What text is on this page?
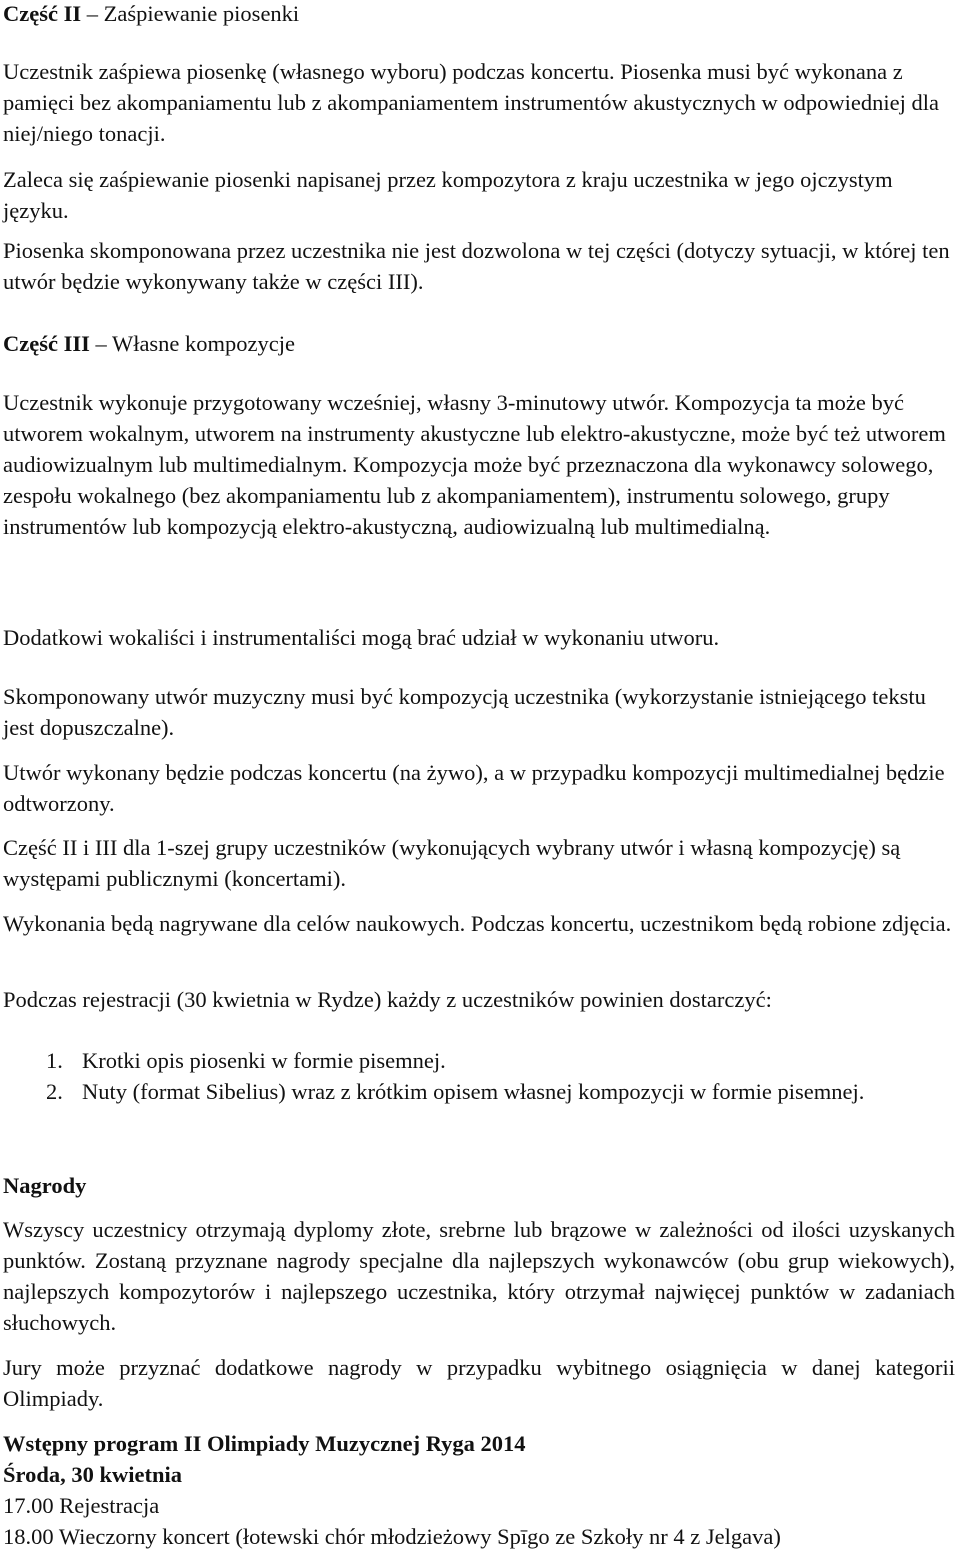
Część II – Zaśpiewanie piosenki

Uczestnik zaśpiewa piosenkę (własnego wyboru) podczas koncertu. Piosenka musi być wykonana z pamięci bez akompaniamentu lub z akompaniamentem instrumentów akustycznych w odpowiedniej dla niej/niego tonacji.

Zaleca się zaśpiewanie piosenki napisanej przez kompozytora z kraju uczestnika w jego ojczystym języku.

Piosenka skomponowana przez uczestnika nie jest dozwolona w tej części (dotyczy sytuacji, w której ten utwór będzie wykonywany także w części III).

Część III – Własne kompozycje

Uczestnik wykonuje przygotowany wcześniej, własny 3-minutowy utwór. Kompozycja ta może być utworem wokalnym, utworem na instrumenty akustyczne lub elektro-akustyczne, może być też utworem audiowizualnym lub multimedialnym. Kompozycja może być przeznaczona dla wykonawcy solowego, zespołu wokalnego (bez akompaniamentu lub z akompaniamentem), instrumentu solowego, grupy instrumentów lub kompozycją elektro-akustyczną, audiowizualną lub multimedialną.

Dodatkowi wokaliści i instrumentaliści mogą brać udział w wykonaniu utworu.

Skomponowany utwór muzyczny musi być kompozycją uczestnika (wykorzystanie istniejącego tekstu jest dopuszczalne).

Utwór wykonany będzie podczas koncertu (na żywo), a w przypadku kompozycji multimedialnej będzie odtworzony.

Część II i III dla 1-szej grupy uczestników (wykonujących wybrany utwór i własną kompozycję) są występami publicznymi (koncertami).

Wykonania będą nagrywane dla celów naukowych. Podczas koncertu, uczestnikom będą robione zdjęcia.

Podczas rejestracji (30 kwietnia w Rydze) każdy z uczestników powinien dostarczyć:

1. Krotki opis piosenki w formie pisemnej.
2. Nuty (format Sibelius) wraz z krótkim opisem własnej kompozycji w formie pisemnej.

Nagrody

Wszyscy uczestnicy otrzymają dyplomy złote, srebrne lub brązowe w zależności od ilości uzyskanych punktów. Zostaną przyznane nagrody specjalne dla najlepszych wykonawców (obu grup wiekowych), najlepszych kompozytorów i najlepszego uczestnika, który otrzymał najwięcej punktów w zadaniach słuchowych.

Jury może przyznać dodatkowe nagrody w przypadku wybitnego osiągnięcia w danej kategorii Olimpiady.

Wstępny program II Olimpiady Muzycznej Ryga 2014

Środa, 30 kwietnia

17.00 Rejestracja

18.00 Wieczorny koncert (łotewski chór młodzieżowy Spīgo ze Szkoły nr 4 z Jelgava)
